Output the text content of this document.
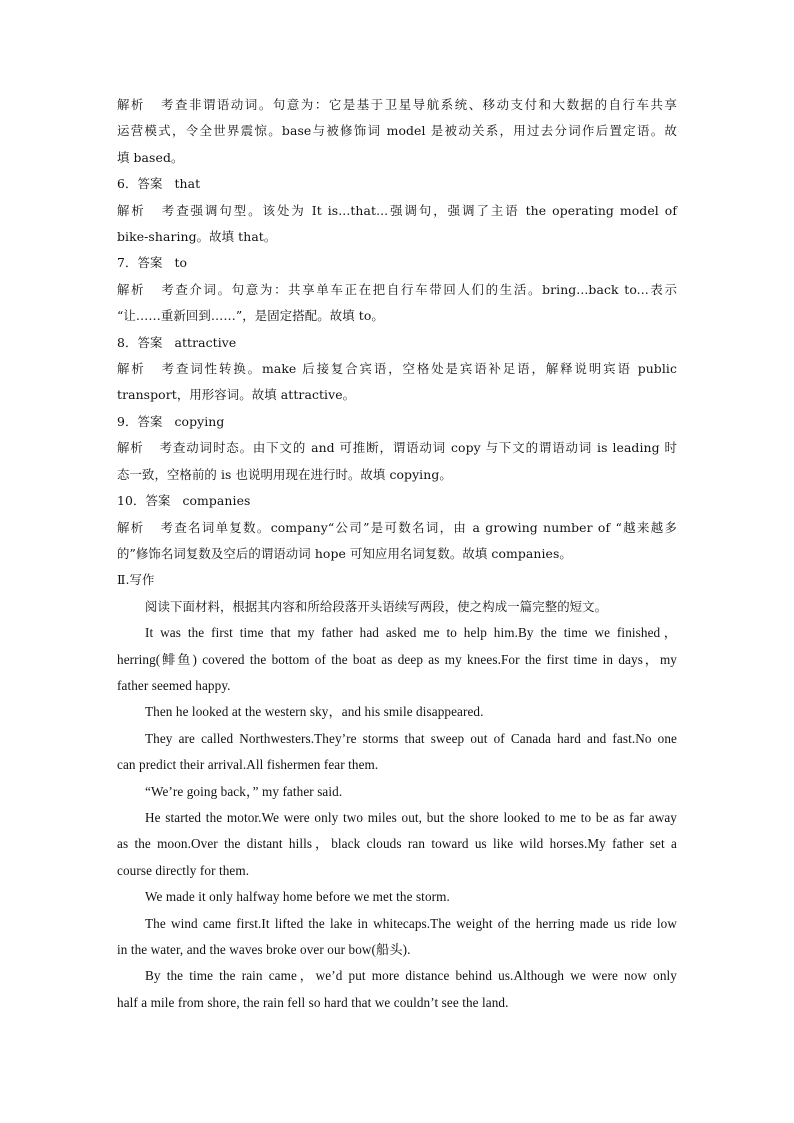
解析 考查非谓语动词。句意为：它是基于卫星导航系统、移动支付和大数据的自行车共享
运营模式，令全世界震惊。base与被修饰词 model 是被动关系，用过去分词作后置定语。故
填 based。
6．答案 that
解析 考查强调句型。该处为 It is...that...强调句，强调了主语 the operating model of
bike-sharing。故填 that。
7．答案 to
解析 考查介词。句意为：共享单车正在把自行车带回人们的生活。bring...back to...表示
“让……重新回到……”，是固定搭配。故填 to。
8．答案 attractive
解析 考查词性转换。make 后接复合宾语，空格处是宾语补足语，解释说明宾语 public
transport，用形容词。故填 attractive。
9．答案 copying
解析 考查动词时态。由下文的 and 可推断，谓语动词 copy 与下文的谓语动词 is leading 时
态一致，空格前的 is 也说明用现在进行时。故填 copying。
10．答案 companies
解析 考查名词单复数。company“公司”是可数名词，由 a growing number of “越来越多
的”修饰名词复数及空后的谓语动词 hope 可知应用名词复数。故填 companies。
Ⅱ.写作
阅读下面材料，根据其内容和所给段落开头语续写两段，使之构成一篇完整的短文。
It was the first time that my father had asked me to help him.By the time we finished，
herring(鲱鱼) covered the bottom of the boat as deep as my knees.For the first time in days，my
father seemed happy.
Then he looked at the western sky，and his smile disappeared.
They are called Northwesters.They’re storms that sweep out of Canada hard and fast.No one
can predict their arrival.All fishermen fear them.
“We’re going back，” my father said.
He started the motor.We were only two miles out, but the shore looked to me to be as far away
as the moon.Over the distant hills，black clouds ran toward us like wild horses.My father set a
course directly for them.
We made it only halfway home before we met the storm.
The wind came first.It lifted the lake in whitecaps.The weight of the herring made us ride low
in the water, and the waves broke over our bow(船头).
By the time the rain came，we’d put more distance behind us.Although we were now only
half a mile from shore, the rain fell so hard that we couldn’t see the land.
